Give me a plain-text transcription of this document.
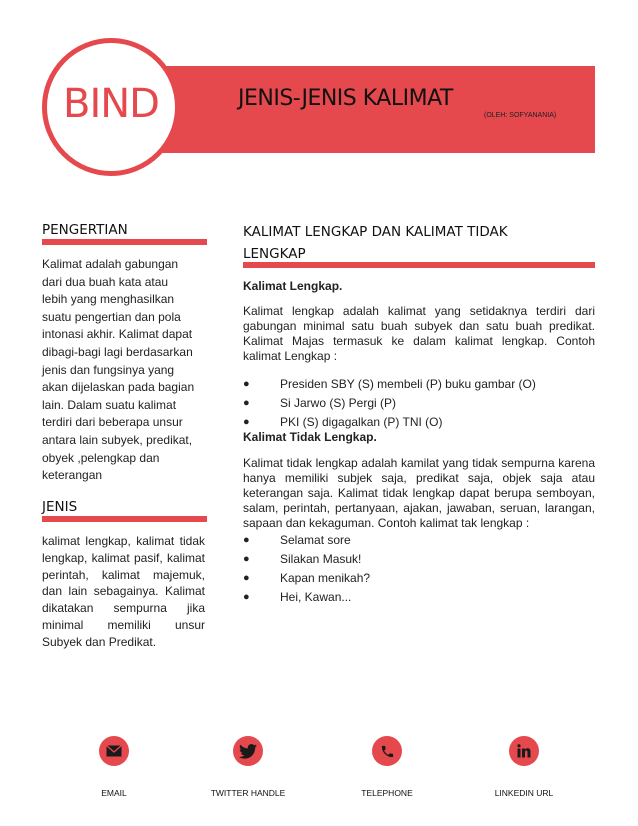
BIND	JENIS-JENIS KALIMAT
(OLEH: SOFYANANIA)
PENGERTIAN
Kalimat adalah gabungan
dari dua buah kata atau
lebih yang menghasilkan
suatu pengertian dan pola
intonasi akhir. Kalimat dapat
dibagi-bagi lagi berdasarkan
jenis dan fungsinya yang
akan dijelaskan pada bagian
lain. Dalam suatu kalimat
terdiri dari beberapa unsur
antara lain subyek, predikat,
obyek ,pelengkap dan
keterangan
JENIS
kalimat lengkap, kalimat tidak lengkap, kalimat pasif, kalimat perintah, kalimat majemuk, dan lain sebagainya. Kalimat dikatakan sempurna jika minimal memiliki unsur Subyek dan Predikat.
KALIMAT LENGKAP DAN KALIMAT TIDAK
LENGKAP
Kalimat Lengkap.
Kalimat lengkap adalah kalimat yang setidaknya terdiri dari gabungan minimal satu buah subyek dan satu buah predikat. Kalimat Majas termasuk ke dalam kalimat lengkap. Contoh kalimat Lengkap :
●	Presiden SBY (S) membeli (P) buku gambar (O)
●	Si Jarwo (S) Pergi (P)
●	PKI (S) digagalkan (P) TNI (O)
Kalimat Tidak Lengkap.
Kalimat tidak lengkap adalah kamilat yang tidak sempurna karena hanya memiliki subjek saja, predikat saja, objek saja atau keterangan saja. Kalimat tidak lengkap dapat berupa semboyan, salam, perintah, pertanyaan, ajakan, jawaban, seruan, larangan, sapaan dan kekaguman. Contoh kalimat tak lengkap :
●	Selamat sore
●	Silakan Masuk!
●	Kapan menikah?
●	Hei, Kawan...
EMAIL	TWITTER HANDLE	TELEPHONE	LINKEDIN URL
